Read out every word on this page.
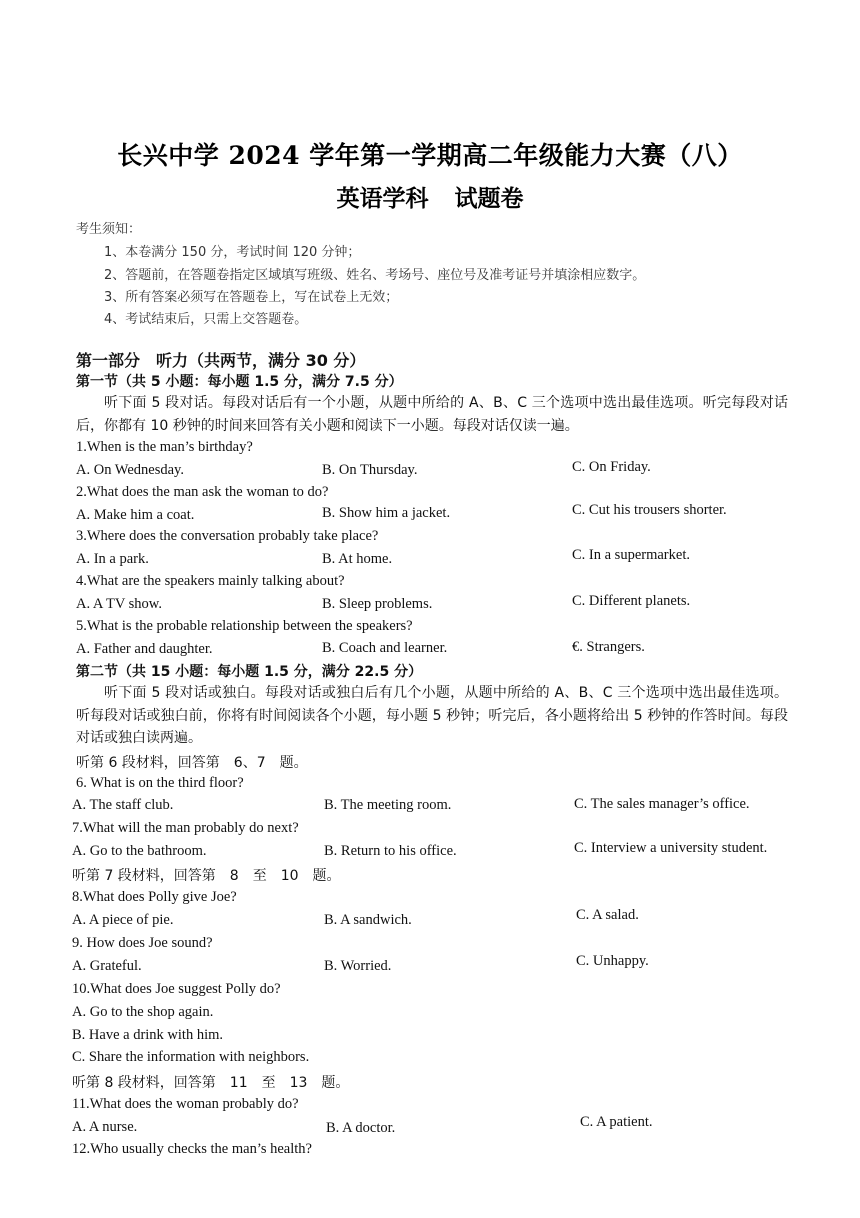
长兴中学 2024 学年第一学期高二年级能力大赛（八）
英语学科 试题卷
考生须知：
1、本卷满分 150 分，考试时间 120 分钟；
2、答题前，在答题卷指定区域填写班级、姓名、考场号、座位号及准考证号并填涂相应数字。
3、所有答案必须写在答题卷上，写在试卷上无效；
4、考试结束后，只需上交答题卷。
第一部分　听力（共两节，满分 30 分）
第一节（共 5 小题：每小题 1.5 分，满分 7.5 分）
听下面 5 段对话。每段对话后有一个小题，从题中所给的 A、B、C 三个选项中选出最佳选项。听完每段对话后，你都有 10 秒钟的时间来回答有关小题和阅读下一小题。每段对话仅读一遍。
1.When is the man’s birthday?
A. On Wednesday.	B. On Thursday.	C. On Friday.
2.What does the man ask the woman to do?
A. Make him a coat.	B. Show him a jacket.	C. Cut his trousers shorter.
3.Where does the conversation probably take place?
A. In a park.	B. At home.	C. In a supermarket.
4.What are the speakers mainly talking about?
A. A TV show.	B. Sleep problems.	C. Different planets.
5.What is the probable relationship between the speakers?
A. Father and daughter.	B. Coach and learner.	€. Strangers.
第二节（共 15 小题：每小题 1.5 分，满分 22.5 分）
听下面 5 段对话或独白。每段对话或独白后有几个小题，从题中所给的 A、B、C 三个选项中选出最佳选项。听每段对话或独白前，你将有时间阅读各个小题，每小题 5 秒钟；听完后，各小题将给出 5 秒钟的作答时间。每段对话或独白读两遍。
听第 6 段材料，回答第　6、7　题。
6. What is on the third floor?
A. The staff club.	B. The meeting room.	C. The sales manager’s office.
7.What will the man probably do next?
A. Go to the bathroom.	B. Return to his office.	C. Interview a university student.
听第 7 段材料，回答第　8　至　10　题。
8.What does Polly give Joe?
A. A piece of pie.	B. A sandwich.	C. A salad.
9. How does Joe sound?
A. Grateful.	B. Worried.	C. Unhappy.
10.What does Joe suggest Polly do?
A. Go to the shop again.
B. Have a drink with him.
C. Share the information with neighbors.
听第 8 段材料，回答第　11　至　13　题。
11.What does the woman probably do?
A. A nurse.	B. A doctor.	C. A patient.
12.Who usually checks the man’s health?
